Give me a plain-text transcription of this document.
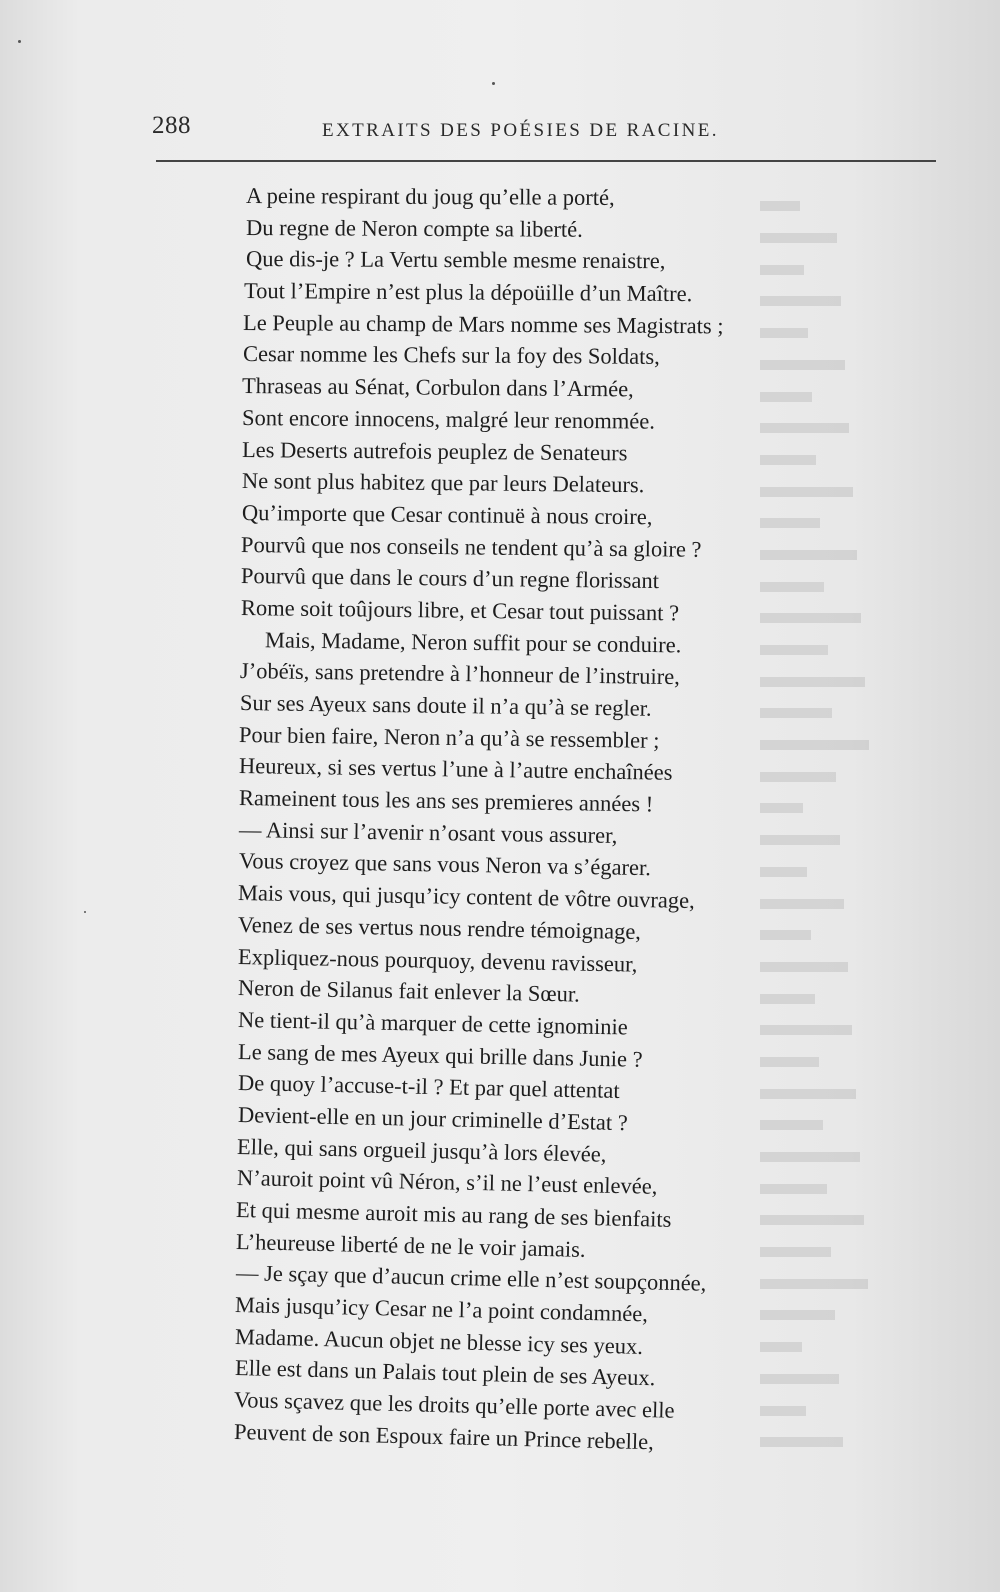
288	EXTRAITS DES POÉSIES DE RACINE.
A peine respirant du joug qu’elle a porté,
Du regne de Neron compte sa liberté.
Que dis-je ? La Vertu semble mesme renaistre,
Tout l’Empire n’est plus la dépoüille d’un Maître.
Le Peuple au champ de Mars nomme ses Magistrats ;
Cesar nomme les Chefs sur la foy des Soldats,
Thraseas au Sénat, Corbulon dans l’Armée,
Sont encore innocens, malgré leur renommée.
Les Deserts autrefois peuplez de Senateurs
Ne sont plus habitez que par leurs Delateurs.
Qu’importe que Cesar continuë à nous croire,
Pourvû que nos conseils ne tendent qu’à sa gloire ?
Pourvû que dans le cours d’un regne florissant
Rome soit toûjours libre, et Cesar tout puissant ?
Mais, Madame, Neron suffit pour se conduire.
J’obéïs, sans pretendre à l’honneur de l’instruire,
Sur ses Ayeux sans doute il n’a qu’à se regler.
Pour bien faire, Neron n’a qu’à se ressembler ;
Heureux, si ses vertus l’une à l’autre enchaînées
Rameinent tous les ans ses premieres années !
— Ainsi sur l’avenir n’osant vous assurer,
Vous croyez que sans vous Neron va s’égarer.
Mais vous, qui jusqu’icy content de vôtre ouvrage,
Venez de ses vertus nous rendre témoignage,
Expliquez-nous pourquoy, devenu ravisseur,
Neron de Silanus fait enlever la Sœur.
Ne tient-il qu’à marquer de cette ignominie
Le sang de mes Ayeux qui brille dans Junie ?
De quoy l’accuse-t-il ? Et par quel attentat
Devient-elle en un jour criminelle d’Estat ?
Elle, qui sans orgueil jusqu’à lors élevée,
N’auroit point vû Néron, s’il ne l’eust enlevée,
Et qui mesme auroit mis au rang de ses bienfaits
L’heureuse liberté de ne le voir jamais.
— Je sçay que d’aucun crime elle n’est soupçonnée,
Mais jusqu’icy Cesar ne l’a point condamnée,
Madame. Aucun objet ne blesse icy ses yeux.
Elle est dans un Palais tout plein de ses Ayeux.
Vous sçavez que les droits qu’elle porte avec elle
Peuvent de son Espoux faire un Prince rebelle,
